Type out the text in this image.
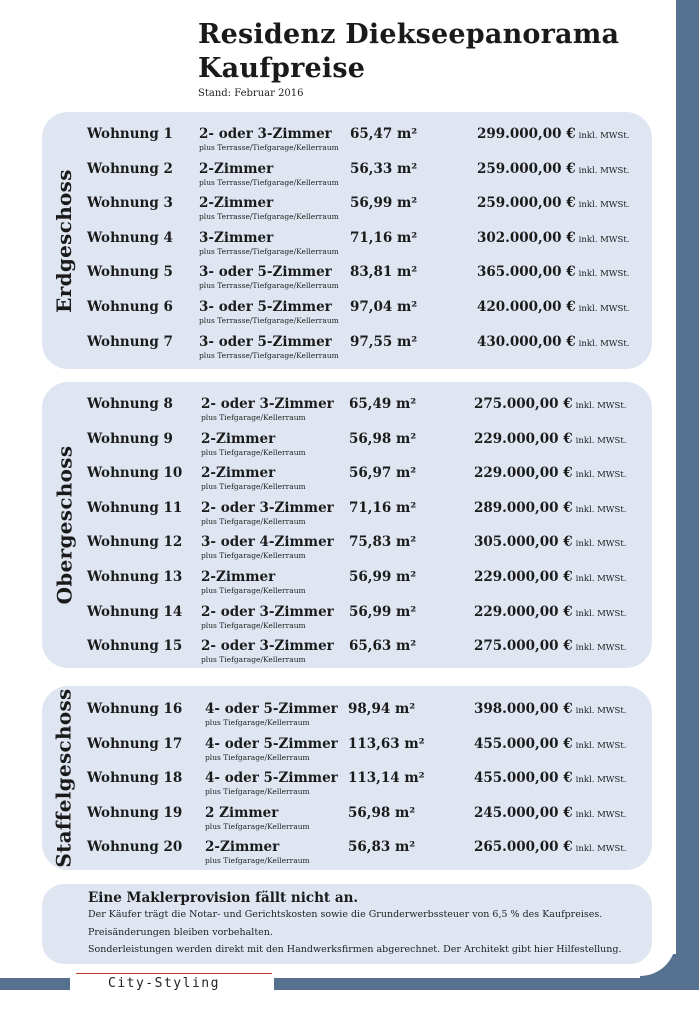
Residenz Diekseepanorama
Kaufpreise
Stand: Februar 2016
Erdgeschoss
Wohnung 1 2- oder 3-Zimmer
plus Terrasse/Tiefgarage/Kellerraum
65,47 m²	299.000,00 € inkl. MWSt.
Wohnung 2 2-Zimmer
plus Terrasse/Tiefgarage/Kellerraum
56,33 m²	259.000,00 € inkl. MWSt.
Wohnung 3 2-Zimmer
plus Terrasse/Tiefgarage/Kellerraum
56,99 m²	259.000,00 € inkl. MWSt.
Wohnung 4 3-Zimmer
plus Terrasse/Tiefgarage/Kellerraum
71,16 m²	302.000,00 € inkl. MWSt.
Wohnung 5 3- oder 5-Zimmer
plus Terrasse/Tiefgarage/Kellerraum
83,81 m²	365.000,00 € inkl. MWSt.
Wohnung 6 3- oder 5-Zimmer
plus Terrasse/Tiefgarage/Kellerraum
97,04 m²	420.000,00 € inkl. MWSt.
Wohnung 7 3- oder 5-Zimmer
plus Terrasse/Tiefgarage/Kellerraum
97,55 m²	430.000,00 € inkl. MWSt.
Obergeschoss
Wohnung 8 2- oder 3-Zimmer
plus Tiefgarage/Kellerraum
65,49 m²	275.000,00 € inkl. MWSt.
Wohnung 9 2-Zimmer
plus Tiefgarage/Kellerraum
56,98 m²	229.000,00 € inkl. MWSt.
Wohnung 10 2-Zimmer
plus Tiefgarage/Kellerraum
56,97 m²	229.000,00 € inkl. MWSt.
Wohnung 11 2- oder 3-Zimmer
plus Tiefgarage/Kellerraum
71,16 m²	289.000,00 € inkl. MWSt.
Wohnung 12 3- oder 4-Zimmer
plus Tiefgarage/Kellerraum
75,83 m²	305.000,00 € inkl. MWSt.
Wohnung 13 2-Zimmer
plus Tiefgarage/Kellerraum
56,99 m²	229.000,00 € inkl. MWSt.
Wohnung 14 2- oder 3-Zimmer
plus Tiefgarage/Kellerraum
56,99 m²	229.000,00 € inkl. MWSt.
Wohnung 15 2- oder 3-Zimmer
plus Tiefgarage/Kellerraum
65,63 m²	275.000,00 € inkl. MWSt.
Staffelgeschoss Wohnung 16 4- oder 5-Zimmer
plus Tiefgarage/Kellerraum
98,94 m²	398.000,00 € inkl. MWSt.
Wohnung 17 4- oder 5-Zimmer
plus Tiefgarage/Kellerraum
113,63 m²	455.000,00 € inkl. MWSt.
Wohnung 18 4- oder 5-Zimmer
plus Tiefgarage/Kellerraum
113,14 m²	455.000,00 € inkl. MWSt.
Wohnung 19 2 Zimmer
plus Tiefgarage/Kellerraum
56,98 m²	245.000,00 € inkl. MWSt.
Wohnung 20 2-Zimmer
plus Tiefgarage/Kellerraum
56,83 m²	265.000,00 € inkl. MWSt.
Eine Maklerprovision fällt nicht an.
Der Käufer trägt die Notar- und Gerichtskosten sowie die Grunderwerbssteuer von 6,5 % des Kaufpreises.
Preisänderungen bleiben vorbehalten.
Sonderleistungen werden direkt mit den Handwerksfirmen abgerechnet. Der Architekt gibt hier Hilfestellung.
City-Styling
